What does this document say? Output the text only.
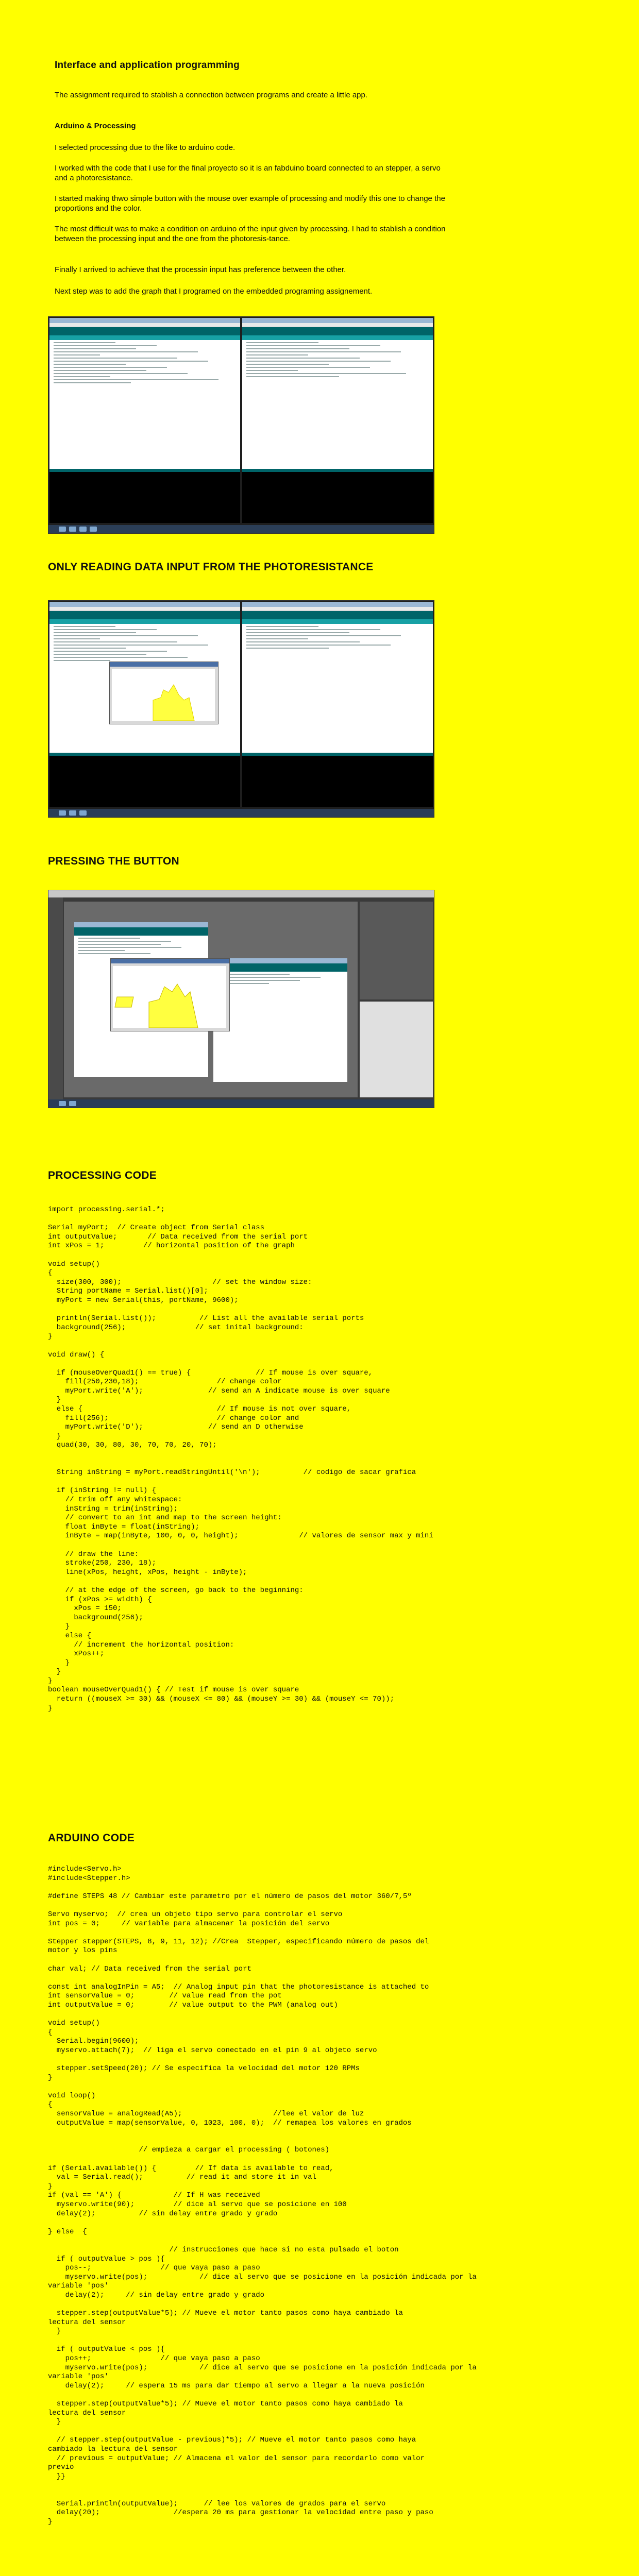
Interface and application programming

The assignment required to stablish a connection between programs and create a little app.

Arduino & Processing

I selected processing due to the like to arduino code.

I worked with the code that I use for the final proyecto so it is an fabduino board connected to an stepper, a servo and a photoresistance.

I started making thwo simple button with the mouse over example of processing and modify this one to change the proportions and the color.

The most difficult was to make a condition on arduino of the input given by processing. I had to stablish a condition between the processing input and the one from the photoresis-tance.

Finally I arrived to achieve that the processin input has preference between the other.

Next step was to add the graph that I programed on the embedded programing assignement.

ONLY READING DATA INPUT FROM THE PHOTORESISTANCE
PRESSING THE BUTTON
PROCESSING CODE
import processing.serial.*;

Serial myPort;  // Create object from Serial class
int outputValue;       // Data received from the serial port
int xPos = 1;         // horizontal position of the graph

void setup()
{
size(300, 300);                     // set the window size:
String portName = Serial.list()[0];
myPort = new Serial(this, portName, 9600);

println(Serial.list());          // List all the available serial ports
background(256);                // set inital background:
}

void draw() {

if (mouseOverQuad1() == true) {               // If mouse is over square,
fill(250,230,18);                  // change color
myPort.write('A');               // send an A indicate mouse is over square
}
else {                               // If mouse is not over square,
fill(256);                         // change color and
myPort.write('D');               // send an D otherwise
}
quad(30, 30, 80, 30, 70, 70, 20, 70);

String inString = myPort.readStringUntil('\n');          // codigo de sacar grafica

if (inString != null) {
// trim off any whitespace:
inString = trim(inString);
// convert to an int and map to the screen height:
float inByte = float(inString);
inByte = map(inByte, 100, 0, 0, height);              // valores de sensor max y mini

// draw the line:
stroke(250, 230, 18);
line(xPos, height, xPos, height - inByte);

// at the edge of the screen, go back to the beginning:
if (xPos >= width) {
xPos = 150;
background(256);
}
else {
// increment the horizontal position:
xPos++;
}
}
}
boolean mouseOverQuad1() { // Test if mouse is over square
return ((mouseX >= 30) && (mouseX <= 80) && (mouseY >= 30) && (mouseY <= 70));
}
ARDUINO CODE
#include<Servo.h>
#include<Stepper.h>

#define STEPS 48 // Cambiar este parametro por el número de pasos del motor 360/7,5º

Servo myservo;  // crea un objeto tipo servo para controlar el servo
int pos = 0;     // variable para almacenar la posición del servo

Stepper stepper(STEPS, 8, 9, 11, 12); //Crea  Stepper, especificando número de pasos del
motor y los pins

char val; // Data received from the serial port

const int analogInPin = A5;  // Analog input pin that the photoresistance is attached to
int sensorValue = 0;        // value read from the pot
int outputValue = 0;        // value output to the PWM (analog out)

void setup()
{
Serial.begin(9600);
myservo.attach(7);  // liga el servo conectado en el pin 9 al objeto servo

stepper.setSpeed(20); // Se especifica la velocidad del motor 120 RPMs
}

void loop()
{
sensorValue = analogRead(A5);                     //lee el valor de luz
outputValue = map(sensorValue, 0, 1023, 100, 0);  // remapea los valores en grados

// empieza a cargar el processing ( botones)

if (Serial.available()) {         // If data is available to read,
val = Serial.read();          // read it and store it in val
}
if (val == 'A') {            // If H was received
myservo.write(90);         // dice al servo que se posicione en 100
delay(2);          // sin delay entre grado y grado

} else  {

// instrucciones que hace si no esta pulsado el boton
if ( outputValue > pos ){
pos--;                // que vaya paso a paso
myservo.write(pos);            // dice al servo que se posicione en la posición indicada por la
variable 'pos'
delay(2);     // sin delay entre grado y grado

stepper.step(outputValue*5); // Mueve el motor tanto pasos como haya cambiado la
lectura del sensor
}

if ( outputValue < pos ){
pos++;                // que vaya paso a paso
myservo.write(pos);            // dice al servo que se posicione en la posición indicada por la
variable 'pos'
delay(2);     // espera 15 ms para dar tiempo al servo a llegar a la nueva posición

stepper.step(outputValue*5); // Mueve el motor tanto pasos como haya cambiado la
lectura del sensor
}

// stepper.step(outputValue - previous)*5); // Mueve el motor tanto pasos como haya
cambiado la lectura del sensor
// previous = outputValue; // Almacena el valor del sensor para recordarlo como valor
previo
}}

Serial.println(outputValue);      // lee los valores de grados para el servo
delay(20);                 //espera 20 ms para gestionar la velocidad entre paso y paso
}
